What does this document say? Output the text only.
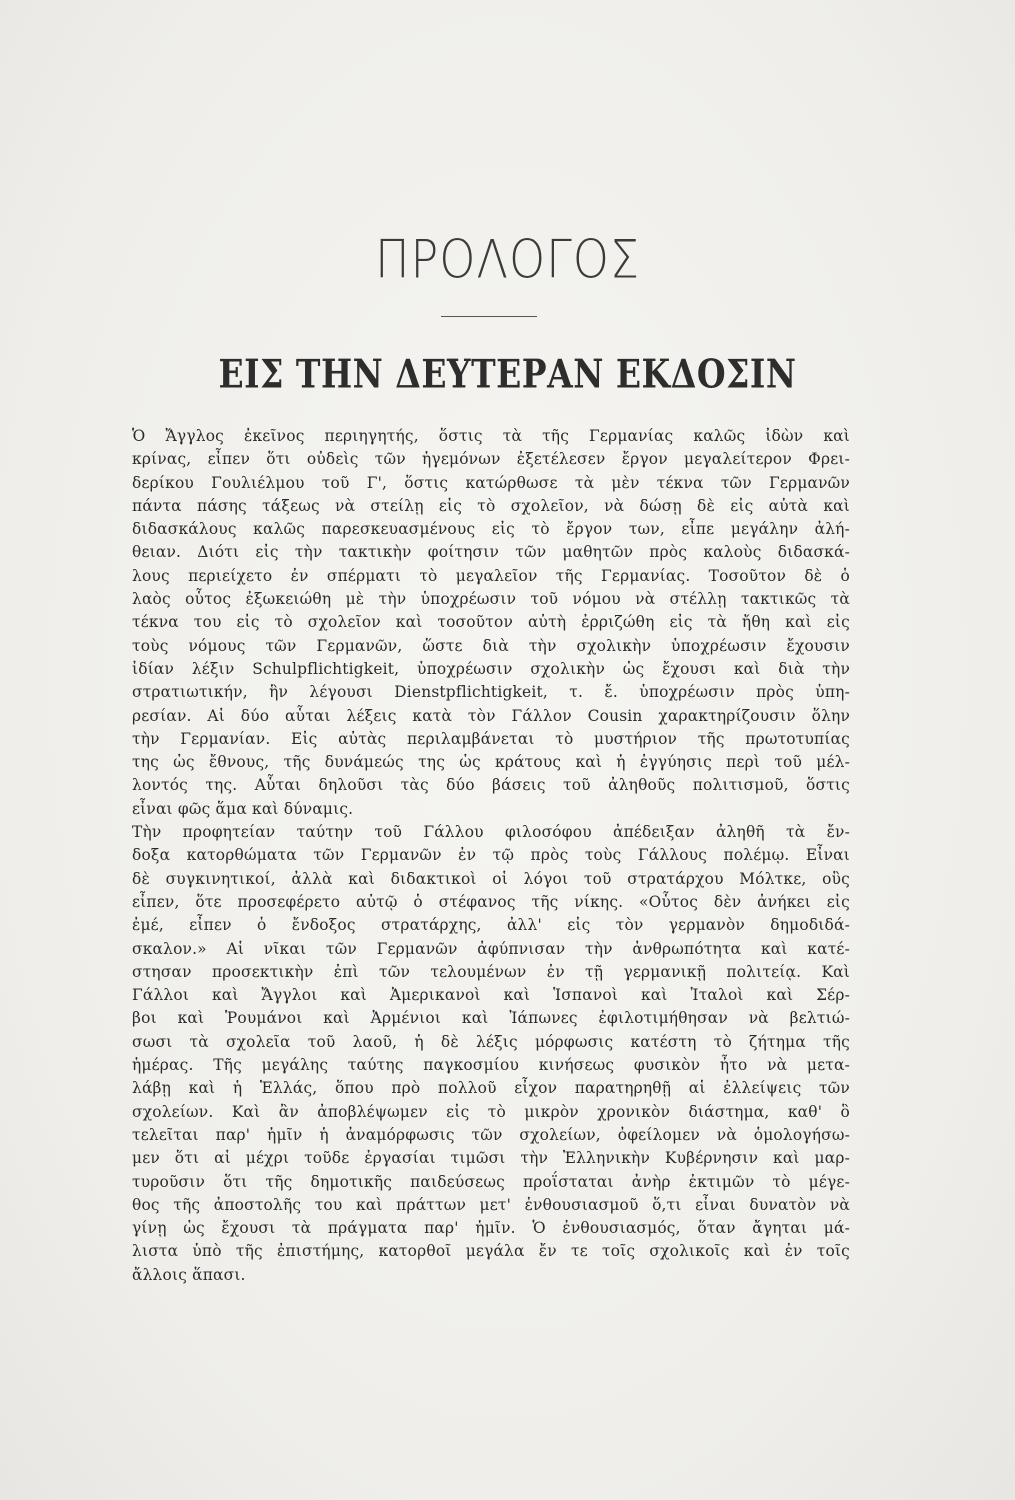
ΠΡΟΛΟΓΟΣ
ΕΙΣ ΤΗΝ ΔΕΥΤΕΡΑΝ ΕΚΔΟΣΙΝ
Ὁ Ἄγγλος ἐκεῖνος περιηγητής, ὅστις τὰ τῆς Γερμανίας καλῶς ἰδὼν καὶ
κρίνας, εἶπεν ὅτι οὐδεὶς τῶν ἡγεμόνων ἐξετέλεσεν ἔργον μεγαλείτερον Φρει-
δερίκου Γουλιέλμου τοῦ Γ', ὅστις κατώρθωσε τὰ μὲν τέκνα τῶν Γερμανῶν
πάντα πάσης τάξεως νὰ στείλῃ εἰς τὸ σχολεῖον, νὰ δώσῃ δὲ εἰς αὐτὰ καὶ
διδασκάλους καλῶς παρεσκευασμένους εἰς τὸ ἔργον των, εἶπε μεγάλην ἀλή-
θειαν. Διότι εἰς τὴν τακτικὴν φοίτησιν τῶν μαθητῶν πρὸς καλοὺς διδασκά-
λους περιείχετο ἐν σπέρματι τὸ μεγαλεῖον τῆς Γερμανίας. Τοσοῦτον δὲ ὁ
λαὸς οὗτος ἐξωκειώθη μὲ τὴν ὑποχρέωσιν τοῦ νόμου νὰ στέλλῃ τακτικῶς τὰ
τέκνα του εἰς τὸ σχολεῖον καὶ τοσοῦτον αὐτὴ ἐρριζώθη εἰς τὰ ἤθη καὶ εἰς
τοὺς νόμους τῶν Γερμανῶν, ὥστε διὰ τὴν σχολικὴν ὑποχρέωσιν ἔχουσιν
ἰδίαν λέξιν Schulpflichtigkeit, ὑποχρέωσιν σχολικὴν ὡς ἔχουσι καὶ διὰ τὴν
στρατιωτικήν, ἣν λέγουσι Dienstpflichtigkeit, τ. ἔ. ὑποχρέωσιν πρὸς ὑπη-
ρεσίαν. Αἱ δύο αὗται λέξεις κατὰ τὸν Γάλλον Cousin χαρακτηρίζουσιν ὅλην
τὴν Γερμανίαν. Εἰς αὐτὰς περιλαμβάνεται τὸ μυστήριον τῆς πρωτοτυπίας
της ὡς ἔθνους, τῆς δυνάμεώς της ὡς κράτους καὶ ἡ ἐγγύησις περὶ τοῦ μέλ-
λοντός της. Αὗται δηλοῦσι τὰς δύο βάσεις τοῦ ἀληθοῦς πολιτισμοῦ, ὅστις
εἶναι φῶς ἅμα καὶ δύναμις.
Τὴν προφητείαν ταύτην τοῦ Γάλλου φιλοσόφου ἀπέδειξαν ἀληθῆ τὰ ἔν-
δοξα κατορθώματα τῶν Γερμανῶν ἐν τῷ πρὸς τοὺς Γάλλους πολέμῳ. Εἶναι
δὲ συγκινητικοί, ἀλλὰ καὶ διδακτικοὶ οἱ λόγοι τοῦ στρατάρχου Μόλτκε, οὓς
εἶπεν, ὅτε προσεφέρετο αὐτῷ ὁ στέφανος τῆς νίκης. «Οὗτος δὲν ἀνήκει εἰς
ἐμέ, εἶπεν ὁ ἔνδοξος στρατάρχης, ἀλλ' εἰς τὸν γερμανὸν δημοδιδά-
σκαλον.» Αἱ νῖκαι τῶν Γερμανῶν ἀφύπνισαν τὴν ἀνθρωπότητα καὶ κατέ-
στησαν προσεκτικὴν ἐπὶ τῶν τελουμένων ἐν τῇ γερμανικῇ πολιτείᾳ. Καὶ
Γάλλοι καὶ Ἄγγλοι καὶ Ἀμερικανοὶ καὶ Ἱσπανοὶ καὶ Ἰταλοὶ καὶ Σέρ-
βοι καὶ Ῥουμάνοι καὶ Ἀρμένιοι καὶ Ἰάπωνες ἐφιλοτιμήθησαν νὰ βελτιώ-
σωσι τὰ σχολεῖα τοῦ λαοῦ, ἡ δὲ λέξις μόρφωσις κατέστη τὸ ζήτημα τῆς
ἡμέρας. Τῆς μεγάλης ταύτης παγκοσμίου κινήσεως φυσικὸν ἦτο νὰ μετα-
λάβῃ καὶ ἡ Ἑλλάς, ὅπου πρὸ πολλοῦ εἶχον παρατηρηθῇ αἱ ἐλλείψεις τῶν
σχολείων. Καὶ ἂν ἀποβλέψωμεν εἰς τὸ μικρὸν χρονικὸν διάστημα, καθ' ὃ
τελεῖται παρ' ἡμῖν ἡ ἀναμόρφωσις τῶν σχολείων, ὀφείλομεν νὰ ὁμολογήσω-
μεν ὅτι αἱ μέχρι τοῦδε ἐργασίαι τιμῶσι τὴν Ἑλληνικὴν Κυβέρνησιν καὶ μαρ-
τυροῦσιν ὅτι τῆς δημοτικῆς παιδεύσεως προΐσταται ἀνὴρ ἐκτιμῶν τὸ μέγε-
θος τῆς ἀποστολῆς του καὶ πράττων μετ' ἐνθουσιασμοῦ ὅ,τι εἶναι δυνατὸν νὰ
γίνῃ ὡς ἔχουσι τὰ πράγματα παρ' ἡμῖν. Ὁ ἐνθουσιασμός, ὅταν ἄγηται μά-
λιστα ὑπὸ τῆς ἐπιστήμης, κατορθοῖ μεγάλα ἔν τε τοῖς σχολικοῖς καὶ ἐν τοῖς
ἄλλοις ἅπασι.
